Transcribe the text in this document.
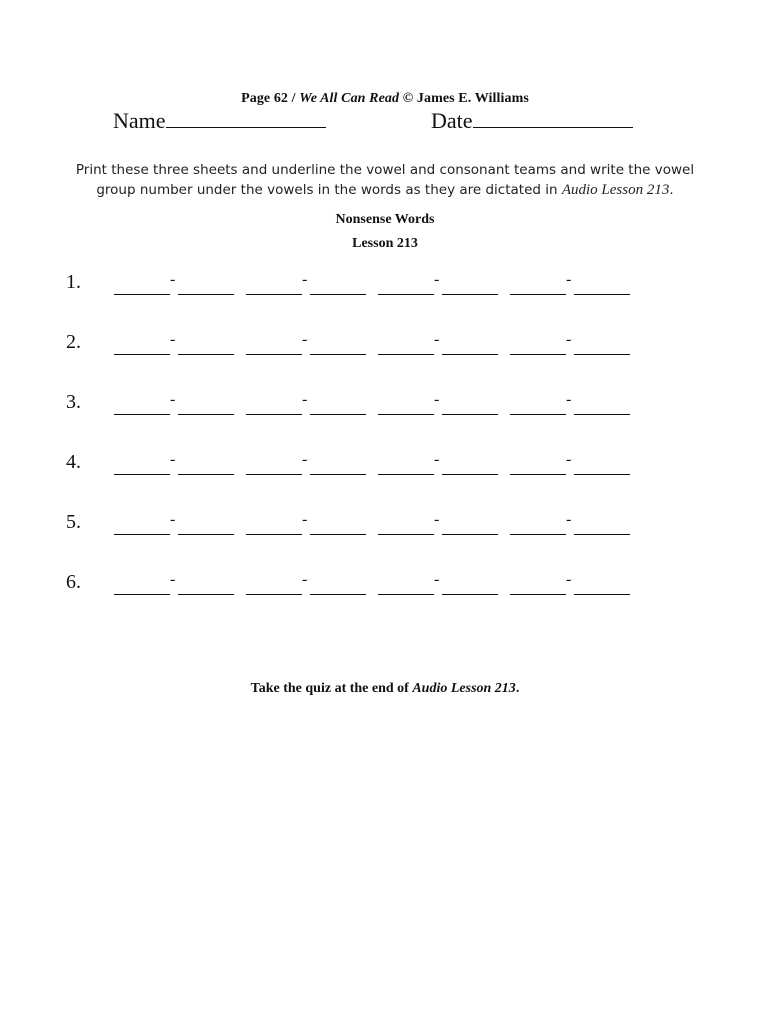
Page 62 / We All Can Read © James E. Williams
Name	Date
Print these three sheets and underline the vowel and consonant teams and write the vowel group number under the vowels in the words as they are dictated in Audio Lesson 213.
Nonsense Words
Lesson 213
1.	-	-	-	-
2.	-	-	-	-
3.	-	-	-	-
4.	-	-	-	-
5.	-	-	-	-
6.	-	-	-	-
Take the quiz at the end of Audio Lesson 213.
